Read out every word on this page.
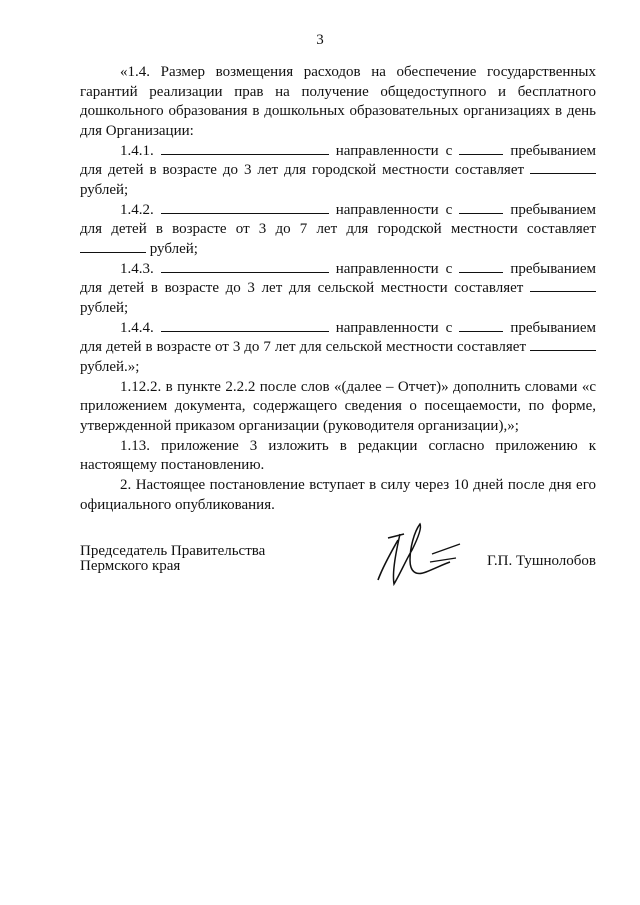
3

«1.4. Размер возмещения расходов на обеспечение государственных гарантий реализации прав на получение общедоступного и бесплатного дошкольного образования в дошкольных образовательных организациях в день для Организации:

1.4.1.	направленности с	пребыванием для детей в возрасте до 3 лет для городской местности составляет  рублей;

1.4.2.	направленности с	пребыванием для детей в возрасте от 3 до 7 лет для городской местности составляет  рублей;

1.4.3.	направленности с	пребыванием для детей в возрасте до 3 лет для сельской местности составляет  рублей;

1.4.4.	направленности с	пребыванием для детей в возрасте от 3 до 7 лет для сельской местности составляет  рублей.»;

1.12.2. в пункте 2.2.2 после слов «(далее – Отчет)» дополнить словами «с приложением документа, содержащего сведения о посещаемости, по форме, утвержденной приказом организации (руководителя организации),»;

1.13. приложение 3 изложить в редакции согласно приложению к настоящему постановлению.

2. Настоящее постановление вступает в силу через 10 дней после дня его официального опубликования.

Председатель Правительства
Пермского края	Г.П. Тушнолобов
